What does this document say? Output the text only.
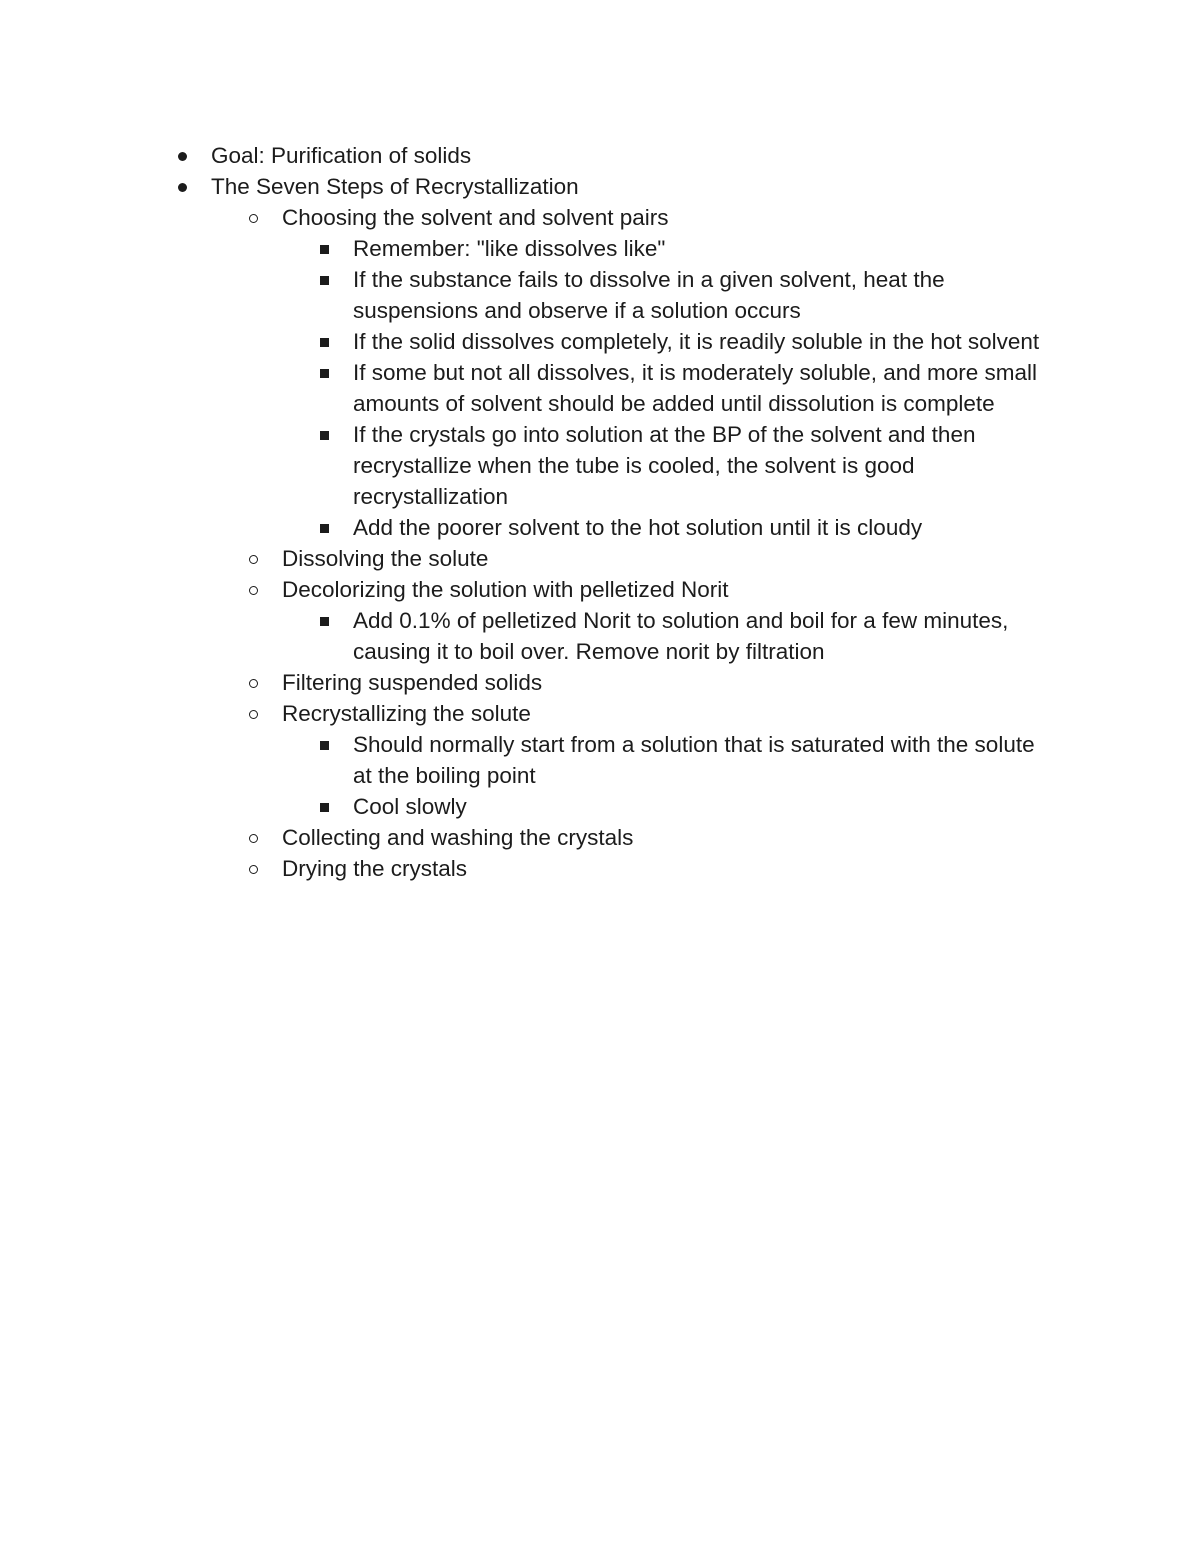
Goal: Purification of solids
The Seven Steps of Recrystallization
Choosing the solvent and solvent pairs
Remember: "like dissolves like"
If the substance fails to dissolve in a given solvent, heat the suspensions and observe if a solution occurs
If the solid dissolves completely, it is readily soluble in the hot solvent
If some but not all dissolves, it is moderately soluble, and more small amounts of solvent should be added until dissolution is complete
If the crystals go into solution at the BP of the solvent and then recrystallize when the tube is cooled, the solvent is good recrystallization
Add the poorer solvent to the hot solution until it is cloudy
Dissolving the solute
Decolorizing the solution with pelletized Norit
Add 0.1% of pelletized Norit to solution and boil for a few minutes, causing it to boil over. Remove norit by filtration
Filtering suspended solids
Recrystallizing the solute
Should normally start from a solution that is saturated with the solute at the boiling point
Cool slowly
Collecting and washing the crystals
Drying the crystals
